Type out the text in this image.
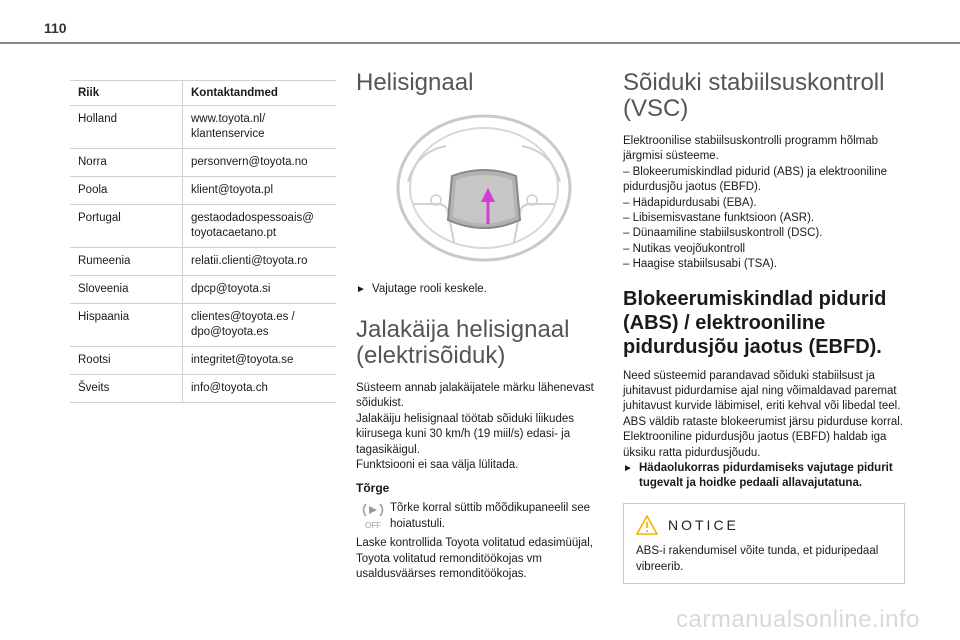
110
Riik	Kontaktandmed
Holland	www.toyota.nl/ klantenservice
Norra	personvern@toyota.no
Poola	klient@toyota.pl
Portugal	gestaodadospessoais@ toyotacaetano.pt
Rumeenia	relatii.clienti@toyota.ro
Sloveenia	dpcp@toyota.si
Hispaania	clientes@toyota.es / dpo@toyota.es
Rootsi	integritet@toyota.se
Šveits	info@toyota.ch
Helisignaal
► Vajutage rooli keskele.
Jalakäija helisignaal
(elektrisõiduk)

Süsteem annab jalakäijatele märku lähenevast sõidukist.

Jalakäiju helisignaal töötab sõiduki liikudes kiirusega kuni 30 km/h (19 miil/s) edasi- ja tagasikäigul.

Funktsiooni ei saa välja lülitada.

Tõrge
OFF

Tõrke korral süttib mõõdikupaneelil see hoiatustuli.

Laske kontrollida Toyota volitatud edasimüüjal, Toyota volitatud remonditöökojas vm usaldusväärses remonditöökojas.

Sõiduki stabiilsuskontroll
(VSC)

Elektroonilise stabiilsuskontrolli programm hõlmab järgmisi süsteeme.

– Blokeerumiskindlad pidurid (ABS) ja elektrooniline pidurdusjõu jaotus (EBFD).

– Hädapidurdusabi (EBA).

– Libisemisvastane funktsioon (ASR).

– Dünaamiline stabiilsuskontroll (DSC).

– Nutikas veojõukontroll

– Haagise stabiilsusabi (TSA).

Blokeerumiskindlad pidurid
(ABS) / elektrooniline
pidurdusjõu jaotus (EBFD).

Need süsteemid parandavad sõiduki stabiilsust ja juhitavust pidurdamise ajal ning võimaldavad paremat juhitavust kurvide läbimisel, eriti kehval või libedal teel.

ABS väldib rataste blokeerumist järsu pidurduse korral.

Elektrooniline pidurdusjõu jaotus (EBFD) haldab iga üksiku ratta pidurdusjõudu.

► Hädaolukorras pidurdamiseks vajutage pidurit tugevalt ja hoidke pedaali allavajutatuna.
NOTICE

ABS-i rakendumisel võite tunda, et piduripedaal vibreerib.

carmanualsonline.info
